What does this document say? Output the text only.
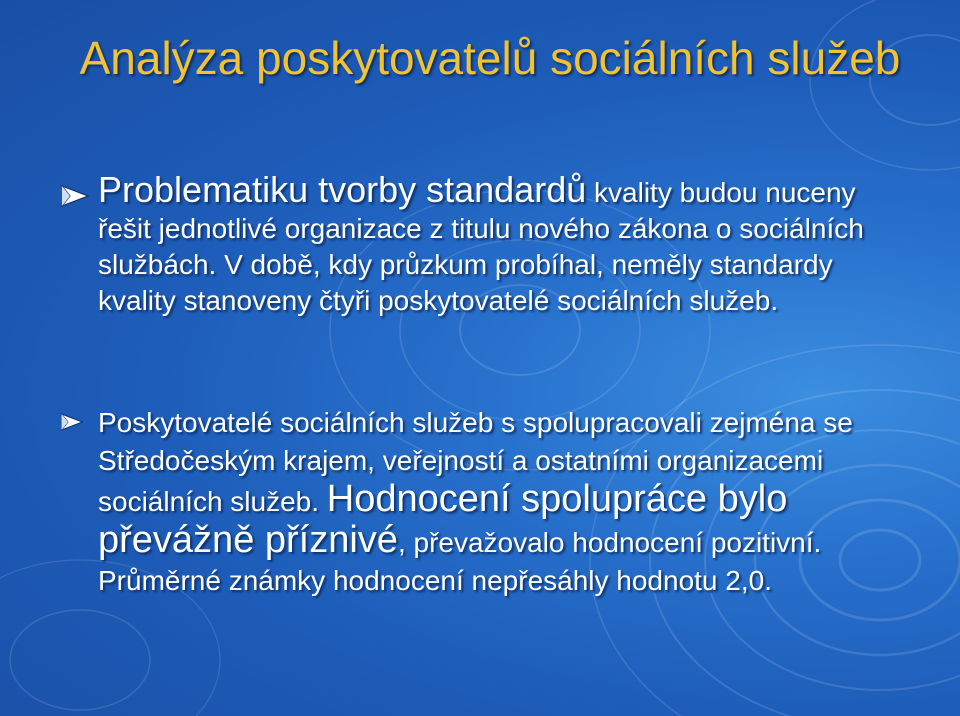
Analýza poskytovatelů sociálních služeb
Problematiku tvorby standardů kvality budou nuceny řešit jednotlivé organizace z titulu nového zákona o sociálních službách. V době, kdy průzkum probíhal, neměly standardy kvality stanoveny čtyři poskytovatelé sociálních služeb.
Poskytovatelé sociálních služeb s spolupracovali zejména se Středočeským krajem, veřejností a ostatními organizacemi sociálních služeb. Hodnocení spolupráce bylo převážně příznivé, převažovalo hodnocení pozitivní. Průměrné známky hodnocení nepřesáhly hodnotu 2,0.
